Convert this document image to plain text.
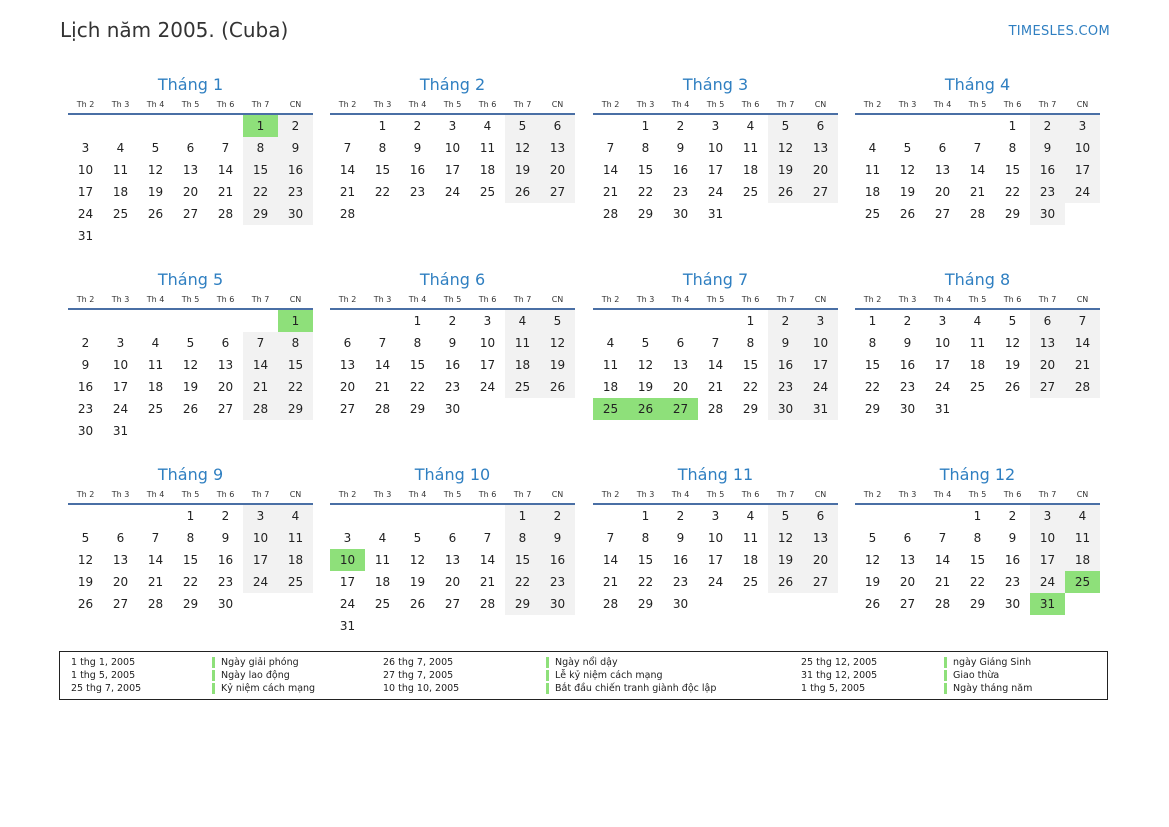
Lịch năm 2005. (Cuba)	TIMESLES.COM
Tháng 1
Th 2	Th 3	Th 4	Th 5	Th 6	Th 7	CN
					1	2
3	4	5	6	7	8	9
10	11	12	13	14	15	16
17	18	19	20	21	22	23
24	25	26	27	28	29	30
31						
Tháng 2
Th 2	Th 3	Th 4	Th 5	Th 6	Th 7	CN
	1	2	3	4	5	6
7	8	9	10	11	12	13
14	15	16	17	18	19	20
21	22	23	24	25	26	27
28						
Tháng 3
Th 2	Th 3	Th 4	Th 5	Th 6	Th 7	CN
	1	2	3	4	5	6
7	8	9	10	11	12	13
14	15	16	17	18	19	20
21	22	23	24	25	26	27
28	29	30	31			
Tháng 4
Th 2	Th 3	Th 4	Th 5	Th 6	Th 7	CN
				1	2	3
4	5	6	7	8	9	10
11	12	13	14	15	16	17
18	19	20	21	22	23	24
25	26	27	28	29	30	
Tháng 5
Th 2	Th 3	Th 4	Th 5	Th 6	Th 7	CN
						1
2	3	4	5	6	7	8
9	10	11	12	13	14	15
16	17	18	19	20	21	22
23	24	25	26	27	28	29
30	31					
Tháng 6
Th 2	Th 3	Th 4	Th 5	Th 6	Th 7	CN
		1	2	3	4	5
6	7	8	9	10	11	12
13	14	15	16	17	18	19
20	21	22	23	24	25	26
27	28	29	30			
Tháng 7
Th 2	Th 3	Th 4	Th 5	Th 6	Th 7	CN
				1	2	3
4	5	6	7	8	9	10
11	12	13	14	15	16	17
18	19	20	21	22	23	24
25	26	27	28	29	30	31
Tháng 8
Th 2	Th 3	Th 4	Th 5	Th 6	Th 7	CN
1	2	3	4	5	6	7
8	9	10	11	12	13	14
15	16	17	18	19	20	21
22	23	24	25	26	27	28
29	30	31				
Tháng 9
Th 2	Th 3	Th 4	Th 5	Th 6	Th 7	CN
			1	2	3	4
5	6	7	8	9	10	11
12	13	14	15	16	17	18
19	20	21	22	23	24	25
26	27	28	29	30		
Tháng 10
Th 2	Th 3	Th 4	Th 5	Th 6	Th 7	CN
					1	2
3	4	5	6	7	8	9
10	11	12	13	14	15	16
17	18	19	20	21	22	23
24	25	26	27	28	29	30
31						
Tháng 11
Th 2	Th 3	Th 4	Th 5	Th 6	Th 7	CN
	1	2	3	4	5	6
7	8	9	10	11	12	13
14	15	16	17	18	19	20
21	22	23	24	25	26	27
28	29	30				
Tháng 12
Th 2	Th 3	Th 4	Th 5	Th 6	Th 7	CN
			1	2	3	4
5	6	7	8	9	10	11
12	13	14	15	16	17	18
19	20	21	22	23	24	25
26	27	28	29	30	31	
1 thg 1, 2005	Ngày giải phóng
1 thg 5, 2005	Ngày lao động
25 thg 7, 2005	Kỷ niệm cách mạng
26 thg 7, 2005	Ngày nổi dậy
27 thg 7, 2005	Lễ kỷ niệm cách mạng
10 thg 10, 2005	Bắt đầu chiến tranh giành độc lập
25 thg 12, 2005	ngày Giáng Sinh
31 thg 12, 2005	Giao thừa
1 thg 5, 2005	Ngày tháng năm
